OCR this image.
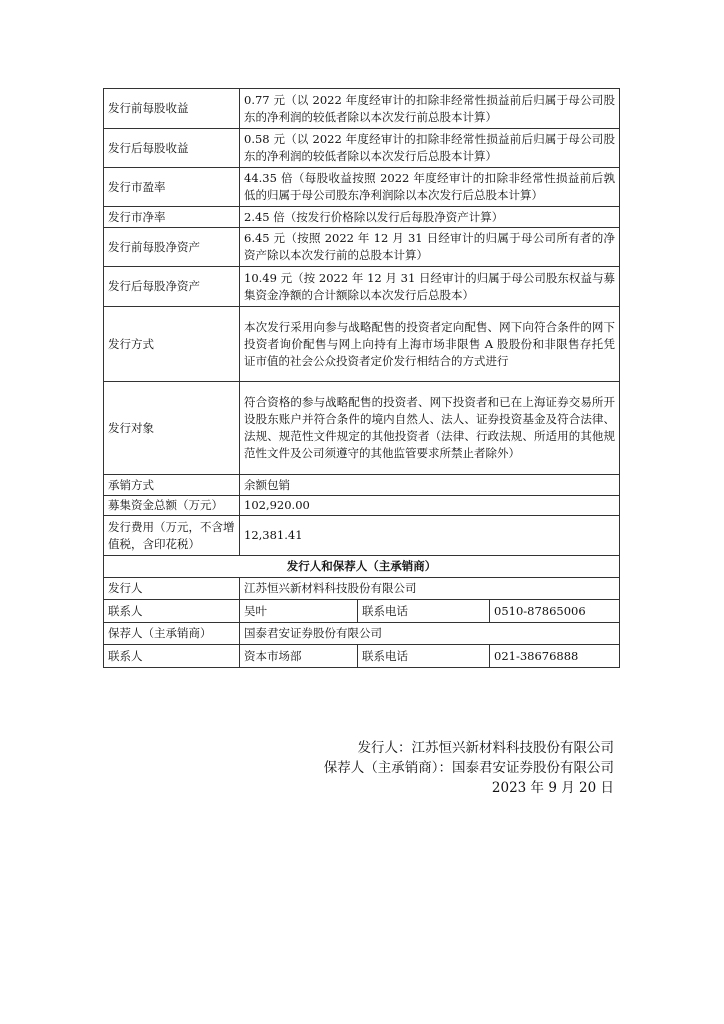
发行前每股收益	0.77 元（以 2022 年度经审计的扣除非经常性损益前后归属于母公司股东的净利润的较低者除以本次发行前总股本计算）		
发行后每股收益	0.58 元（以 2022 年度经审计的扣除非经常性损益前后归属于母公司股东的净利润的较低者除以本次发行后总股本计算）		
发行市盈率	44.35 倍（每股收益按照 2022 年度经审计的扣除非经常性损益前后孰低的归属于母公司股东净利润除以本次发行后总股本计算）		
发行市净率	2.45 倍（按发行价格除以发行后每股净资产计算）		
发行前每股净资产	6.45 元（按照 2022 年 12 月 31 日经审计的归属于母公司所有者的净资产除以本次发行前的总股本计算）		
发行后每股净资产	10.49 元（按 2022 年 12 月 31 日经审计的归属于母公司股东权益与募集资金净额的合计额除以本次发行后总股本）		
发行方式	本次发行采用向参与战略配售的投资者定向配售、网下向符合条件的网下投资者询价配售与网上向持有上海市场非限售 A 股股份和非限售存托凭证市值的社会公众投资者定价发行相结合的方式进行		
发行对象	符合资格的参与战略配售的投资者、网下投资者和已在上海证券交易所开设股东账户并符合条件的境内自然人、法人、证券投资基金及符合法律、法规、规范性文件规定的其他投资者（法律、行政法规、所适用的其他规范性文件及公司须遵守的其他监管要求所禁止者除外）		
承销方式	余额包销		
募集资金总额（万元）	102,920.00		
发行费用（万元，不含增值税，含印花税）	12,381.41		
发行人和保荐人（主承销商）			
发行人	江苏恒兴新材料科技股份有限公司		
联系人	吴叶	联系电话	0510-87865006
保荐人（主承销商）	国泰君安证券股份有限公司		
联系人	资本市场部	联系电话	021-38676888
发行人：江苏恒兴新材料科技股份有限公司
保荐人（主承销商）：国泰君安证券股份有限公司
2023 年 9 月 20 日
